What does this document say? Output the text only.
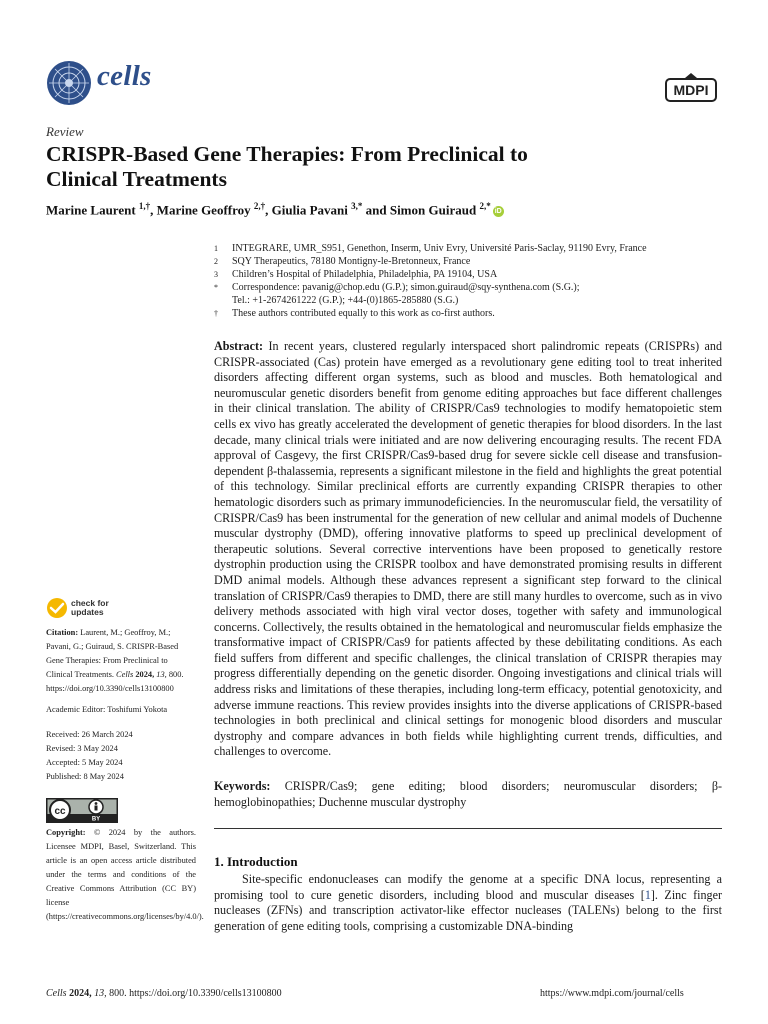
cells	MDPI
Review
CRISPR-Based Gene Therapies: From Preclinical to
Clinical Treatments
Marine Laurent $^{1,\dagger}$, Marine Geoffroy $^{2,\dagger}$, Giulia Pavani $^{3,*}$ and Simon Guiraud $^{2,*}$iD
1	INTEGRARE, UMR_S951, Genethon, Inserm, Univ Evry, Université Paris-Saclay, 91190 Evry, France
2	SQY Therapeutics, 78180 Montigny-le-Bretonneux, France
3	Children’s Hospital of Philadelphia, Philadelphia, PA 19104, USA
*	Correspondence: pavanig@chop.edu (G.P.); simon.guiraud@sqy-synthena.com (S.G.);
Tel.: +1-2674261222 (G.P.); +44-(0)1865-285880 (S.G.)
†	These authors contributed equally to this work as co-first authors.
Abstract: In recent years, clustered regularly interspaced short palindromic repeats (CRISPRs) and CRISPR-associated (Cas) protein have emerged as a revolutionary gene editing tool to treat inherited disorders affecting different organ systems, such as blood and muscles. Both hematological and neuromuscular genetic disorders benefit from genome editing approaches but face different challenges in their clinical translation. The ability of CRISPR/Cas9 technologies to modify hematopoietic stem cells ex vivo has greatly accelerated the development of genetic therapies for blood disorders. In the last decade, many clinical trials were initiated and are now delivering encouraging results. The recent FDA approval of Casgevy, the first CRISPR/Cas9-based drug for severe sickle cell disease and transfusion-dependent β-thalassemia, represents a significant milestone in the field and highlights the great potential of this technology. Similar preclinical efforts are currently expanding CRISPR therapies to other hematologic disorders such as primary immunodeficiencies. In the neuromuscular field, the versatility of CRISPR/Cas9 has been instrumental for the generation of new cellular and animal models of Duchenne muscular dystrophy (DMD), offering innovative platforms to speed up preclinical development of therapeutic solutions. Several corrective interventions have been proposed to genetically restore dystrophin production using the CRISPR toolbox and have demonstrated promising results in different DMD animal models. Although these advances represent a significant step forward to the clinical translation of CRISPR/Cas9 therapies to DMD, there are still many hurdles to overcome, such as in vivo delivery methods associated with high viral vector doses, together with safety and immunological concerns. Collectively, the results obtained in the hematological and neuromuscular fields emphasize the transformative impact of CRISPR/Cas9 for patients affected by these debilitating conditions. As each field suffers from different and specific challenges, the clinical translation of CRISPR therapies may progress differentially depending on the genetic disorder. Ongoing investigations and clinical trials will address risks and limitations of these therapies, including long-term efficacy, potential genotoxicity, and adverse immune reactions. This review provides insights into the diverse applications of CRISPR-based technologies in both preclinical and clinical settings for monogenic blood disorders and muscular dystrophy and compare advances in both fields while highlighting current trends, difficulties, and challenges to overcome.
Keywords: CRISPR/Cas9; gene editing; blood disorders; neuromuscular disorders; β-hemoglobinopathies; Duchenne muscular dystrophy
1. Introduction
Site-specific endonucleases can modify the genome at a specific DNA locus, representing a promising tool to cure genetic disorders, including blood and muscular diseases [1]. Zinc finger nucleases (ZFNs) and transcription activator-like effector nucleases (TALENs) belong to the first generation of gene editing tools, comprising a customizable DNA-binding
check for
updates
Citation: Laurent, M.; Geoffroy, M.; Pavani, G.; Guiraud, S. CRISPR-Based Gene Therapies: From Preclinical to Clinical Treatments. Cells 2024, 13, 800. https://doi.org/10.3390/cells13100800
Academic Editor: Toshifumi Yokota
Received: 26 March 2024
Revised: 3 May 2024
Accepted: 5 May 2024
Published: 8 May 2024
cc
BY
Copyright: © 2024 by the authors. Licensee MDPI, Basel, Switzerland. This article is an open access article distributed under the terms and conditions of the Creative Commons Attribution (CC BY) license (https://creativecommons.org/licenses/by/4.0/).
Cells 2024, 13, 800. https://doi.org/10.3390/cells13100800	https://www.mdpi.com/journal/cells
